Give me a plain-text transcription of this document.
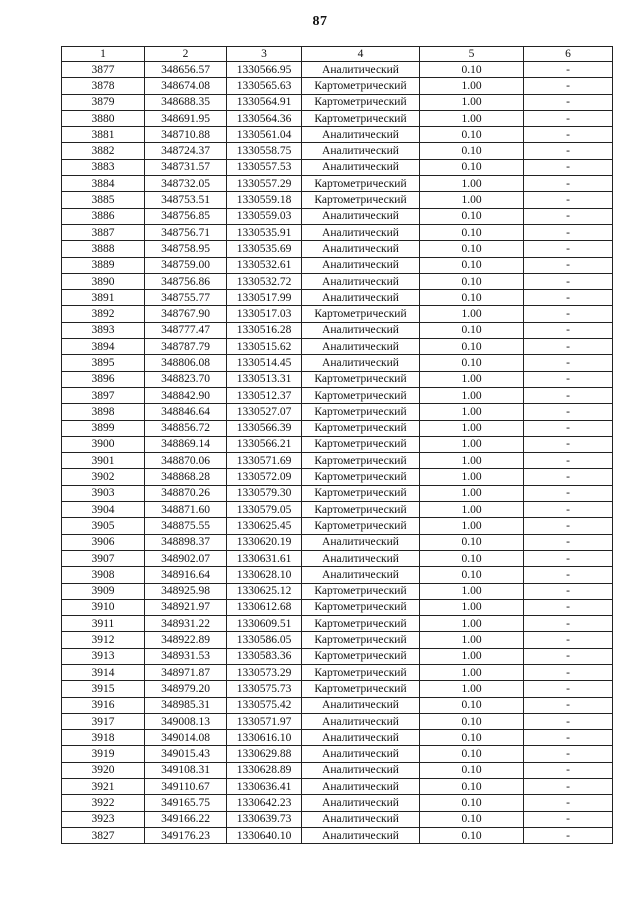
87
1	2	3	4	5	6
3877	348656.57	1330566.95	Аналитический	0.10	-
3878	348674.08	1330565.63	Картометрический	1.00	-
3879	348688.35	1330564.91	Картометрический	1.00	-
3880	348691.95	1330564.36	Картометрический	1.00	-
3881	348710.88	1330561.04	Аналитический	0.10	-
3882	348724.37	1330558.75	Аналитический	0.10	-
3883	348731.57	1330557.53	Аналитический	0.10	-
3884	348732.05	1330557.29	Картометрический	1.00	-
3885	348753.51	1330559.18	Картометрический	1.00	-
3886	348756.85	1330559.03	Аналитический	0.10	-
3887	348756.71	1330535.91	Аналитический	0.10	-
3888	348758.95	1330535.69	Аналитический	0.10	-
3889	348759.00	1330532.61	Аналитический	0.10	-
3890	348756.86	1330532.72	Аналитический	0.10	-
3891	348755.77	1330517.99	Аналитический	0.10	-
3892	348767.90	1330517.03	Картометрический	1.00	-
3893	348777.47	1330516.28	Аналитический	0.10	-
3894	348787.79	1330515.62	Аналитический	0.10	-
3895	348806.08	1330514.45	Аналитический	0.10	-
3896	348823.70	1330513.31	Картометрический	1.00	-
3897	348842.90	1330512.37	Картометрический	1.00	-
3898	348846.64	1330527.07	Картометрический	1.00	-
3899	348856.72	1330566.39	Картометрический	1.00	-
3900	348869.14	1330566.21	Картометрический	1.00	-
3901	348870.06	1330571.69	Картометрический	1.00	-
3902	348868.28	1330572.09	Картометрический	1.00	-
3903	348870.26	1330579.30	Картометрический	1.00	-
3904	348871.60	1330579.05	Картометрический	1.00	-
3905	348875.55	1330625.45	Картометрический	1.00	-
3906	348898.37	1330620.19	Аналитический	0.10	-
3907	348902.07	1330631.61	Аналитический	0.10	-
3908	348916.64	1330628.10	Аналитический	0.10	-
3909	348925.98	1330625.12	Картометрический	1.00	-
3910	348921.97	1330612.68	Картометрический	1.00	-
3911	348931.22	1330609.51	Картометрический	1.00	-
3912	348922.89	1330586.05	Картометрический	1.00	-
3913	348931.53	1330583.36	Картометрический	1.00	-
3914	348971.87	1330573.29	Картометрический	1.00	-
3915	348979.20	1330575.73	Картометрический	1.00	-
3916	348985.31	1330575.42	Аналитический	0.10	-
3917	349008.13	1330571.97	Аналитический	0.10	-
3918	349014.08	1330616.10	Аналитический	0.10	-
3919	349015.43	1330629.88	Аналитический	0.10	-
3920	349108.31	1330628.89	Аналитический	0.10	-
3921	349110.67	1330636.41	Аналитический	0.10	-
3922	349165.75	1330642.23	Аналитический	0.10	-
3923	349166.22	1330639.73	Аналитический	0.10	-
3827	349176.23	1330640.10	Аналитический	0.10	-
